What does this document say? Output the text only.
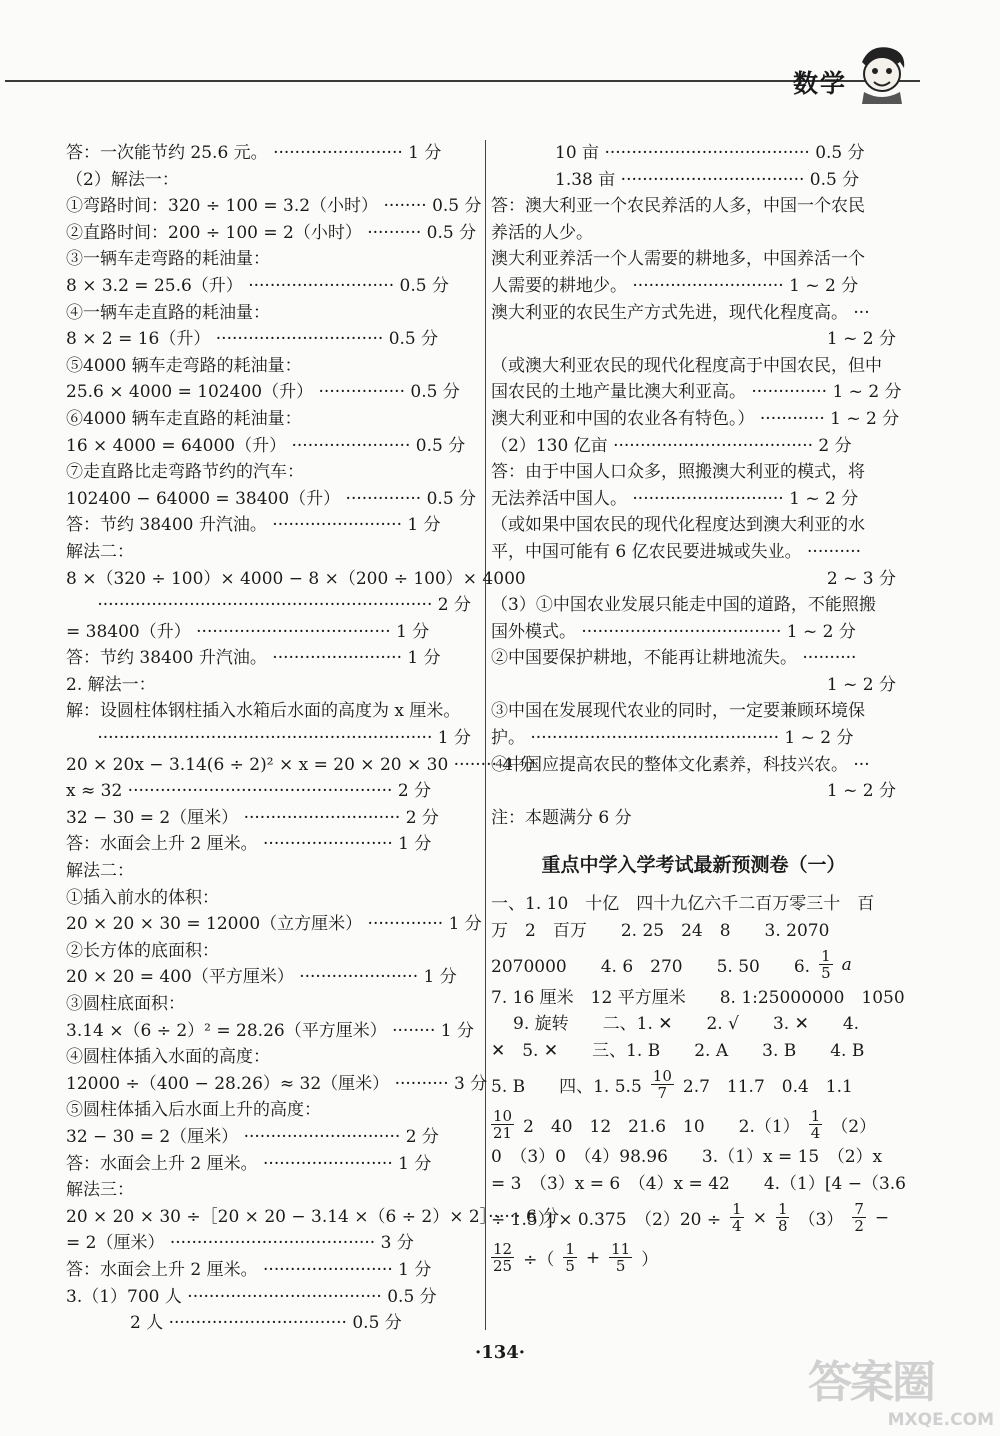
数学
答：一次能节约 25.6 元。 ························ 1 分
（2）解法一：
①弯路时间：320 ÷ 100 = 3.2（小时） ········ 0.5 分
②直路时间：200 ÷ 100 = 2（小时） ·········· 0.5 分
③一辆车走弯路的耗油量：
8 × 3.2 = 25.6（升） ··························· 0.5 分
④一辆车走直路的耗油量：
8 × 2 = 16（升） ······························· 0.5 分
⑤4000 辆车走弯路的耗油量：
25.6 × 4000 = 102400（升） ················ 0.5 分
⑥4000 辆车走直路的耗油量：
16 × 4000 = 64000（升） ······················ 0.5 分
⑦走直路比走弯路节约的汽车：
102400 − 64000 = 38400（升） ·············· 0.5 分
答：节约 38400 升汽油。 ························ 1 分
解法二：
8 ×（320 ÷ 100）× 4000 − 8 ×（200 ÷ 100）× 4000
······························································ 2 分
= 38400（升） ···································· 1 分
答：节约 38400 升汽油。 ························ 1 分
2. 解法一：
解：设圆柱体钢柱插入水箱后水面的高度为 x 厘米。
······························································ 1 分
20 × 20x − 3.14(6 ÷ 2)² × x = 20 × 20 × 30 ········ 4 分
x ≈ 32 ················································· 2 分
32 − 30 = 2（厘米） ····························· 2 分
答：水面会上升 2 厘米。 ························ 1 分
解法二：
①插入前水的体积：
20 × 20 × 30 = 12000（立方厘米） ·············· 1 分
②长方体的底面积：
20 × 20 = 400（平方厘米） ······················ 1 分
③圆柱底面积：
3.14 ×（6 ÷ 2）² = 28.26（平方厘米） ········ 1 分
④圆柱体插入水面的高度：
12000 ÷（400 − 28.26）≈ 32（厘米） ·········· 3 分
⑤圆柱体插入后水面上升的高度：
32 − 30 = 2（厘米） ····························· 2 分
答：水面会上升 2 厘米。 ························ 1 分
解法三：
20 × 20 × 30 ÷［20 × 20 − 3.14 ×（6 ÷ 2）× 2］······ 6 分
= 2（厘米） ······································ 3 分
答：水面会上升 2 厘米。 ························ 1 分
3.（1）700 人 ···································· 0.5 分
2 人 ································· 0.5 分
10 亩 ······································ 0.5 分
1.38 亩 ·································· 0.5 分
答：澳大利亚一个农民养活的人多，中国一个农民
养活的人少。
澳大利亚养活一个人需要的耕地多，中国养活一个
人需要的耕地少。 ···························· 1 ~ 2 分
澳大利亚的农民生产方式先进，现代化程度高。 ···
1 ~ 2 分
（或澳大利亚农民的现代化程度高于中国农民，但中
国农民的土地产量比澳大利亚高。 ·············· 1 ~ 2 分
澳大利亚和中国的农业各有特色。） ············ 1 ~ 2 分
（2）130 亿亩 ····································· 2 分
答：由于中国人口众多，照搬澳大利亚的模式，将
无法养活中国人。 ···························· 1 ~ 2 分
（或如果中国农民的现代化程度达到澳大利亚的水
平，中国可能有 6 亿农民要进城或失业。 ··········
2 ~ 3 分
（3）①中国农业发展只能走中国的道路，不能照搬
国外模式。 ····································· 1 ~ 2 分
②中国要保护耕地，不能再让耕地流失。 ··········
1 ~ 2 分
③中国在发展现代农业的同时，一定要兼顾环境保
护。 ·············································· 1 ~ 2 分
④中国应提高农民的整体文化素养，科技兴农。 ···
1 ~ 2 分
注：本题满分 6 分
重点中学入学考试最新预测卷（一）
一、1. 10　十亿　四十九亿六千二百万零三十　百
万　2　百万　　2. 25　24　8　　3. 2070
2070000　　4. 6　270　　5. 50　　6. $\frac{1}{5}$ a
7. 16 厘米　12 平方厘米　　8. 1:25000000　1050
9. 旋转　　二、1. ✕　　2. √　　3. ✕　　4.
✕　5. ✕　　三、1. B　　2. A　　3. B　　4. B
5. B　　四、1. $5.5 \frac{10}{7} 2.7$　11.7　0.4　1.1
$\frac{10}{21} 2$　40　12　21.6　10　　$2.(1) \frac{1}{4} (2)$
0　（3）0　（4）98.96　　3.（1）x = 15　（2）x
= 3　（3）x = 6　（4）x = 42　　4.（1）[4 −（3.6
÷ 1.5）] × 0.375　$(2)20 \div \frac{1}{4} \times \frac{1}{8} (3) \frac{7}{2}$ −
$\frac{12}{25}$ ÷（ $\frac{1}{5} + \frac{11}{5}$ ）
·134·
答案圈
MXQE.COM
